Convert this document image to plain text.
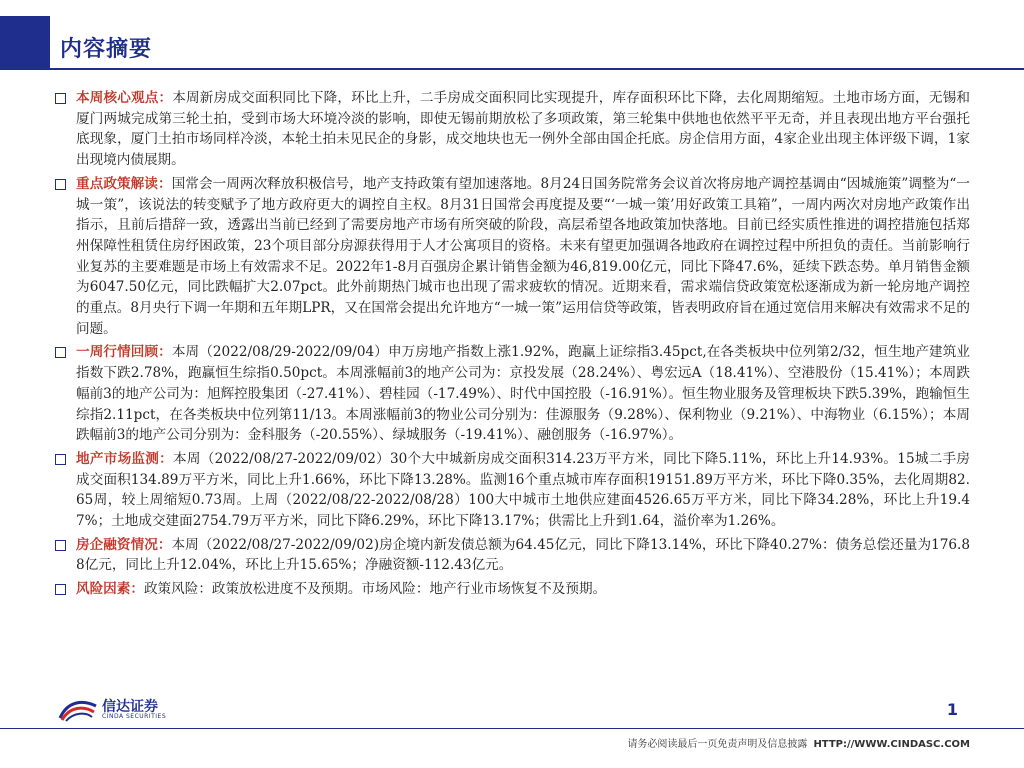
内容摘要
本周核心观点：本周新房成交面积同比下降，环比上升，二手房成交面积同比实现提升，库存面积环比下降，去化周期缩短。土地市场方面，无锡和厦门两城完成第三轮土拍，受到市场大环境冷淡的影响，即使无锡前期放松了多项政策，第三轮集中供地也依然平平无奇，并且表现出地方平台强托底现象，厦门土拍市场同样冷淡，本轮土拍未见民企的身影，成交地块也无一例外全部由国企托底。房企信用方面，4家企业出现主体评级下调，1家出现境内债展期。
重点政策解读：国常会一周两次释放积极信号，地产支持政策有望加速落地。8月24日国务院常务会议首次将房地产调控基调由“因城施策”调整为“一城一策”，该说法的转变赋予了地方政府更大的调控自主权。8月31日国常会再度提及要“‘一城一策’用好政策工具箱”，一周内两次对房地产政策作出指示，且前后措辞一致，透露出当前已经到了需要房地产市场有所突破的阶段，高层希望各地政策加快落地。目前已经实质性推进的调控措施包括郑州保障性租赁住房纾困政策，23个项目部分房源获得用于人才公寓项目的资格。未来有望更加强调各地政府在调控过程中所担负的责任。当前影响行业复苏的主要难题是市场上有效需求不足。2022年1-8月百强房企累计销售金额为46,819.00亿元，同比下降47.6%，延续下跌态势。单月销售金额为6047.50亿元，同比跌幅扩大2.07pct。此外前期热门城市也出现了需求疲软的情况。近期来看，需求端信贷政策宽松逐渐成为新一轮房地产调控的重点。8月央行下调一年期和五年期LPR，又在国常会提出允许地方“一城一策”运用信贷等政策，皆表明政府旨在通过宽信用来解决有效需求不足的问题。
一周行情回顾：本周（2022/08/29-2022/09/04）申万房地产指数上涨1.92%，跑赢上证综指3.45pct,在各类板块中位列第2/32，恒生地产建筑业指数下跌2.78%，跑赢恒生综指0.50pct。本周涨幅前3的地产公司为：京投发展（28.24%）、粤宏远A（18.41%）、空港股份（15.41%）；本周跌幅前3的地产公司为：旭辉控股集团（-27.41%）、碧桂园（-17.49%）、时代中国控股（-16.91%）。恒生物业服务及管理板块下跌5.39%，跑输恒生综指2.11pct，在各类板块中位列第11/13。本周涨幅前3的物业公司分别为：佳源服务（9.28%）、保利物业（9.21%）、中海物业（6.15%）；本周跌幅前3的地产公司分别为：金科服务（-20.55%）、绿城服务（-19.41%）、融创服务（-16.97%）。
地产市场监测：本周（2022/08/27-2022/09/02）30个大中城新房成交面积314.23万平方米，同比下降5.11%，环比上升14.93%。15城二手房成交面积134.89万平方米，同比上升1.66%，环比下降13.28%。监测16个重点城市库存面积19151.89万平方米，环比下降0.35%，去化周期82.65周，较上周缩短0.73周。上周（2022/08/22-2022/08/28）100大中城市土地供应建面4526.65万平方米，同比下降34.28%，环比上升19.47%；土地成交建面2754.79万平方米，同比下降6.29%，环比下降13.17%；供需比上升到1.64，溢价率为1.26%。
房企融资情况：本周（2022/08/27-2022/09/02)房企境内新发债总额为64.45亿元，同比下降13.14%，环比下降40.27%：债务总偿还量为176.88亿元，同比上升12.04%，环比上升15.65%；净融资额-112.43亿元。
风险因素：政策风险：政策放松进度不及预期。市场风险：地产行业市场恢复不及预期。
信达证券
CINDA SECURITIES	1
请务必阅读最后一页免责声明及信息披露 HTTP://WWW.CINDASC.COM
